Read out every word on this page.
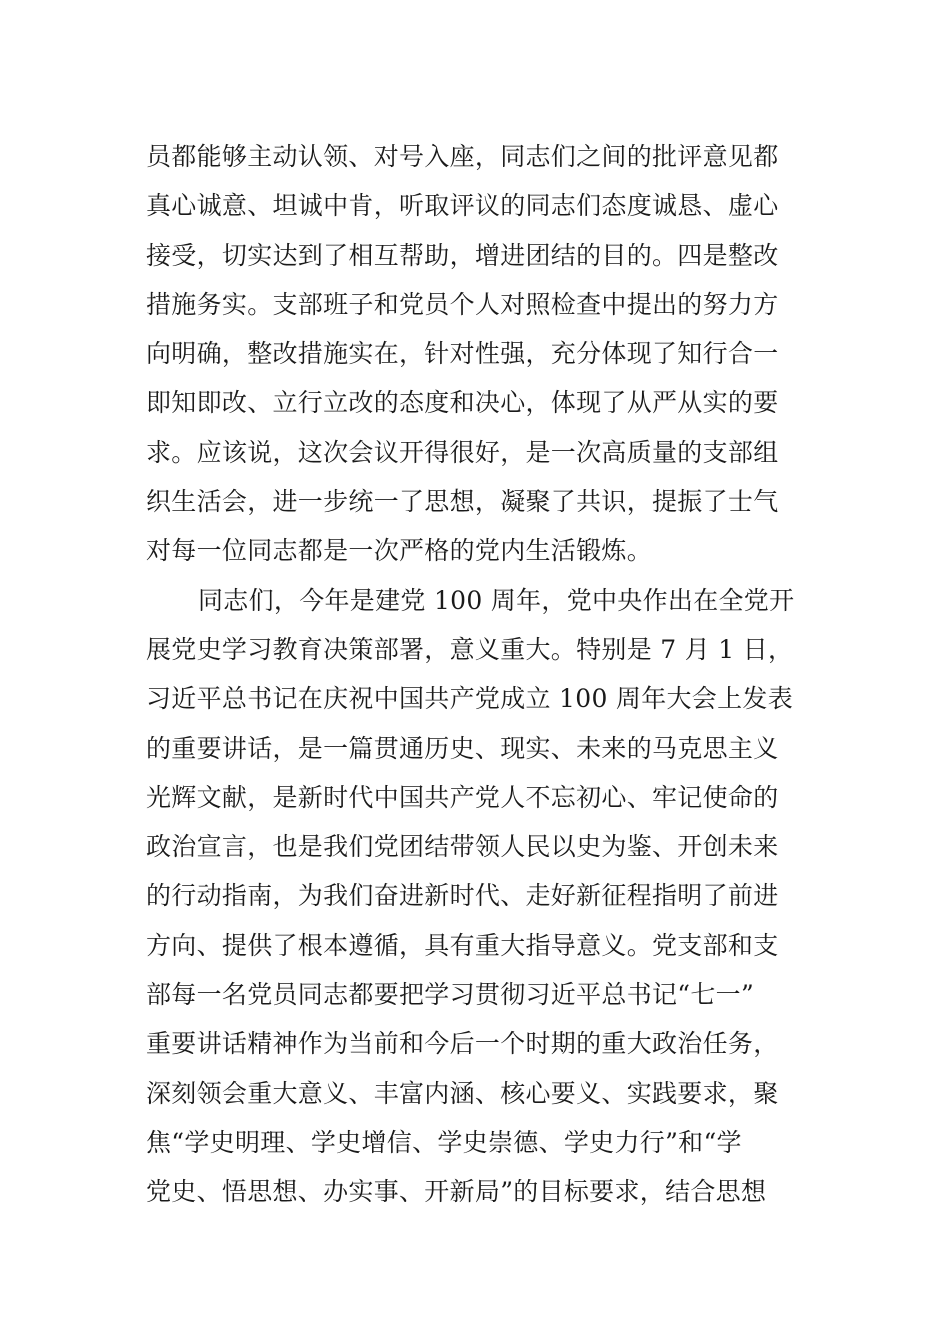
员都能够主动认领、对号入座，同志们之间的批评意见都
真心诚意、坦诚中肯，听取评议的同志们态度诚恳、虚心
接受，切实达到了相互帮助，增进团结的目的。四是整改
措施务实。支部班子和党员个人对照检查中提出的努力方
向明确，整改措施实在，针对性强，充分体现了知行合一
即知即改、立行立改的态度和决心，体现了从严从实的要
求。应该说，这次会议开得很好，是一次高质量的支部组
织生活会，进一步统一了思想，凝聚了共识，提振了士气
对每一位同志都是一次严格的党内生活锻炼。
同志们，今年是建党 100 周年，党中央作出在全党开
展党史学习教育决策部署，意义重大。特别是 7 月 1 日，
习近平总书记在庆祝中国共产党成立 100 周年大会上发表
的重要讲话，是一篇贯通历史、现实、未来的马克思主义
光辉文献，是新时代中国共产党人不忘初心、牢记使命的
政治宣言，也是我们党团结带领人民以史为鉴、开创未来
的行动指南，为我们奋进新时代、走好新征程指明了前进
方向、提供了根本遵循，具有重大指导意义。党支部和支
部每一名党员同志都要把学习贯彻习近平总书记“七一”
重要讲话精神作为当前和今后一个时期的重大政治任务，
深刻领会重大意义、丰富内涵、核心要义、实践要求，聚
焦“学史明理、学史增信、学史崇德、学史力行”和“学
党史、悟思想、办实事、开新局”的目标要求，结合思想
